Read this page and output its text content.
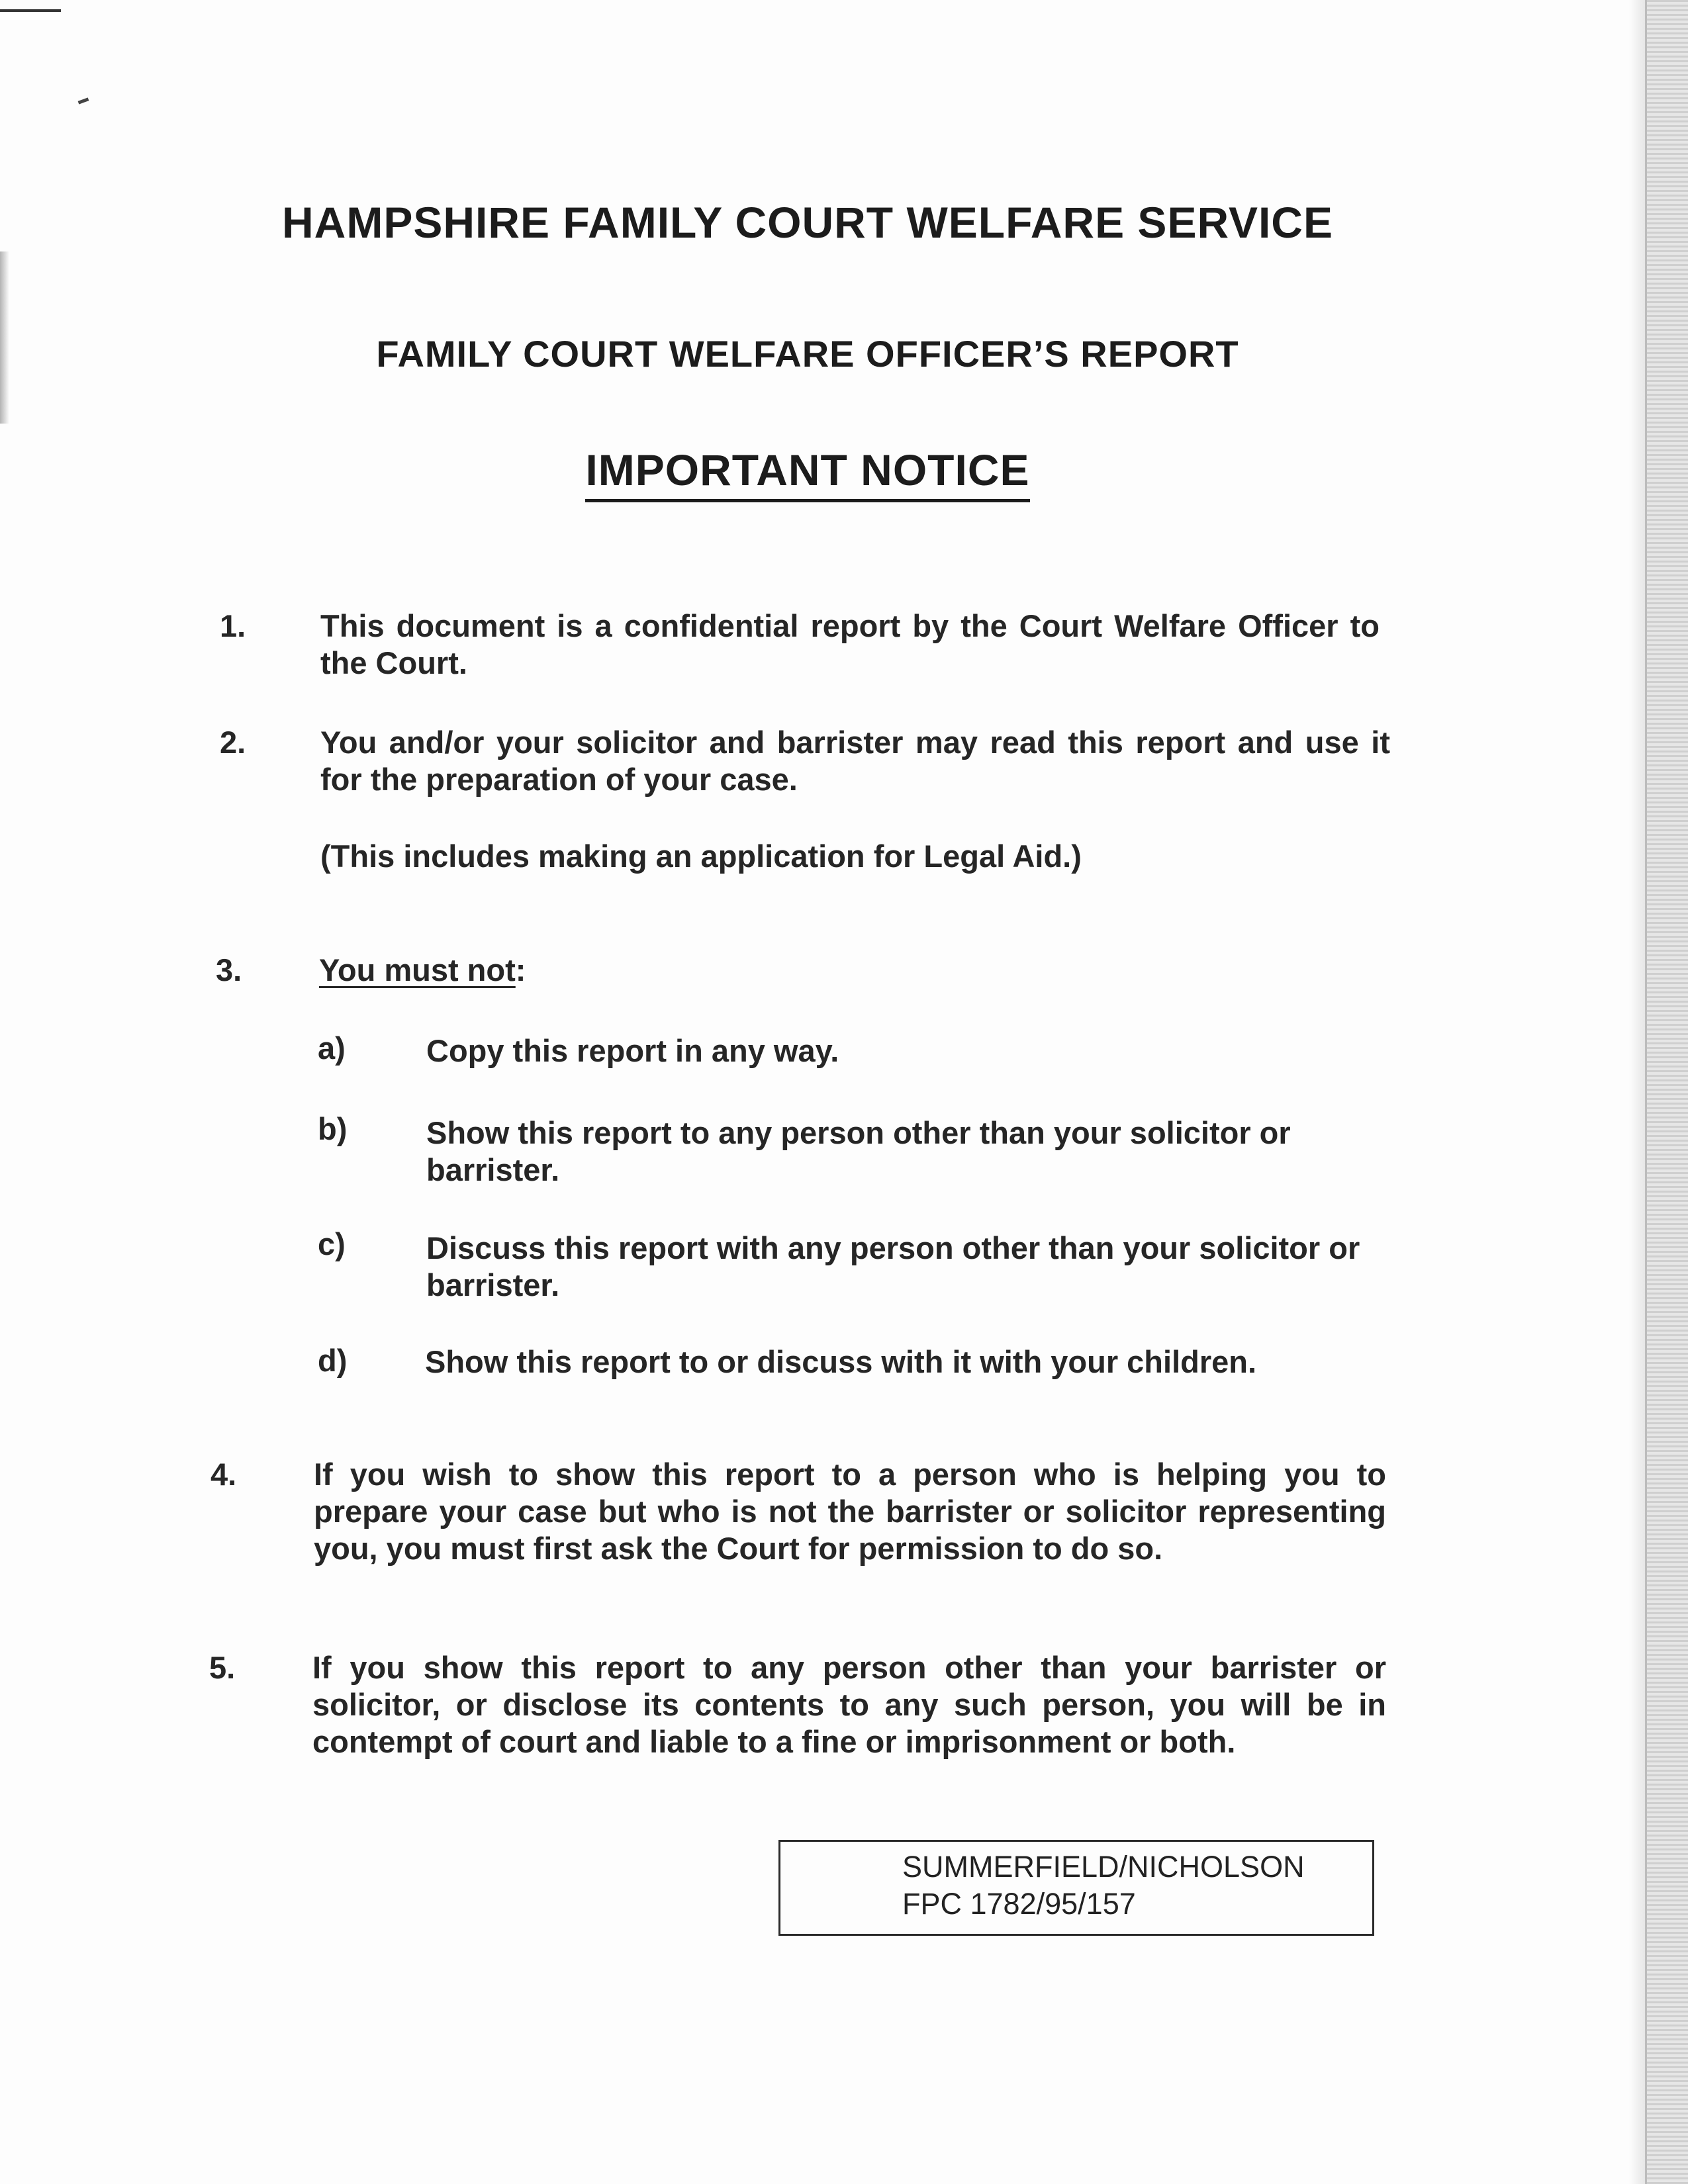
HAMPSHIRE FAMILY COURT WELFARE SERVICE
FAMILY COURT WELFARE OFFICER’S REPORT
IMPORTANT NOTICE
1. This document is a confidential report by the Court Welfare Officer to the Court.
2. You and/or your solicitor and barrister may read this report and use it for the preparation of your case.
(This includes making an application for Legal Aid.)
3. You must not:
a)	Copy this report in any way.
b)	Show this report to any person other than your solicitor or barrister.
c)	Discuss this report with any person other than your solicitor or barrister.
d)	Show this report to or discuss with it with your children.
4. If you wish to show this report to a person who is helping you to prepare your case but who is not the barrister or solicitor representing you, you must first ask the Court for permission to do so.
5. If you show this report to any person other than your barrister or solicitor, or disclose its contents to any such person, you will be in contempt of court and liable to a fine or imprisonment or both.
SUMMERFIELD/NICHOLSON
FPC 1782/95/157
